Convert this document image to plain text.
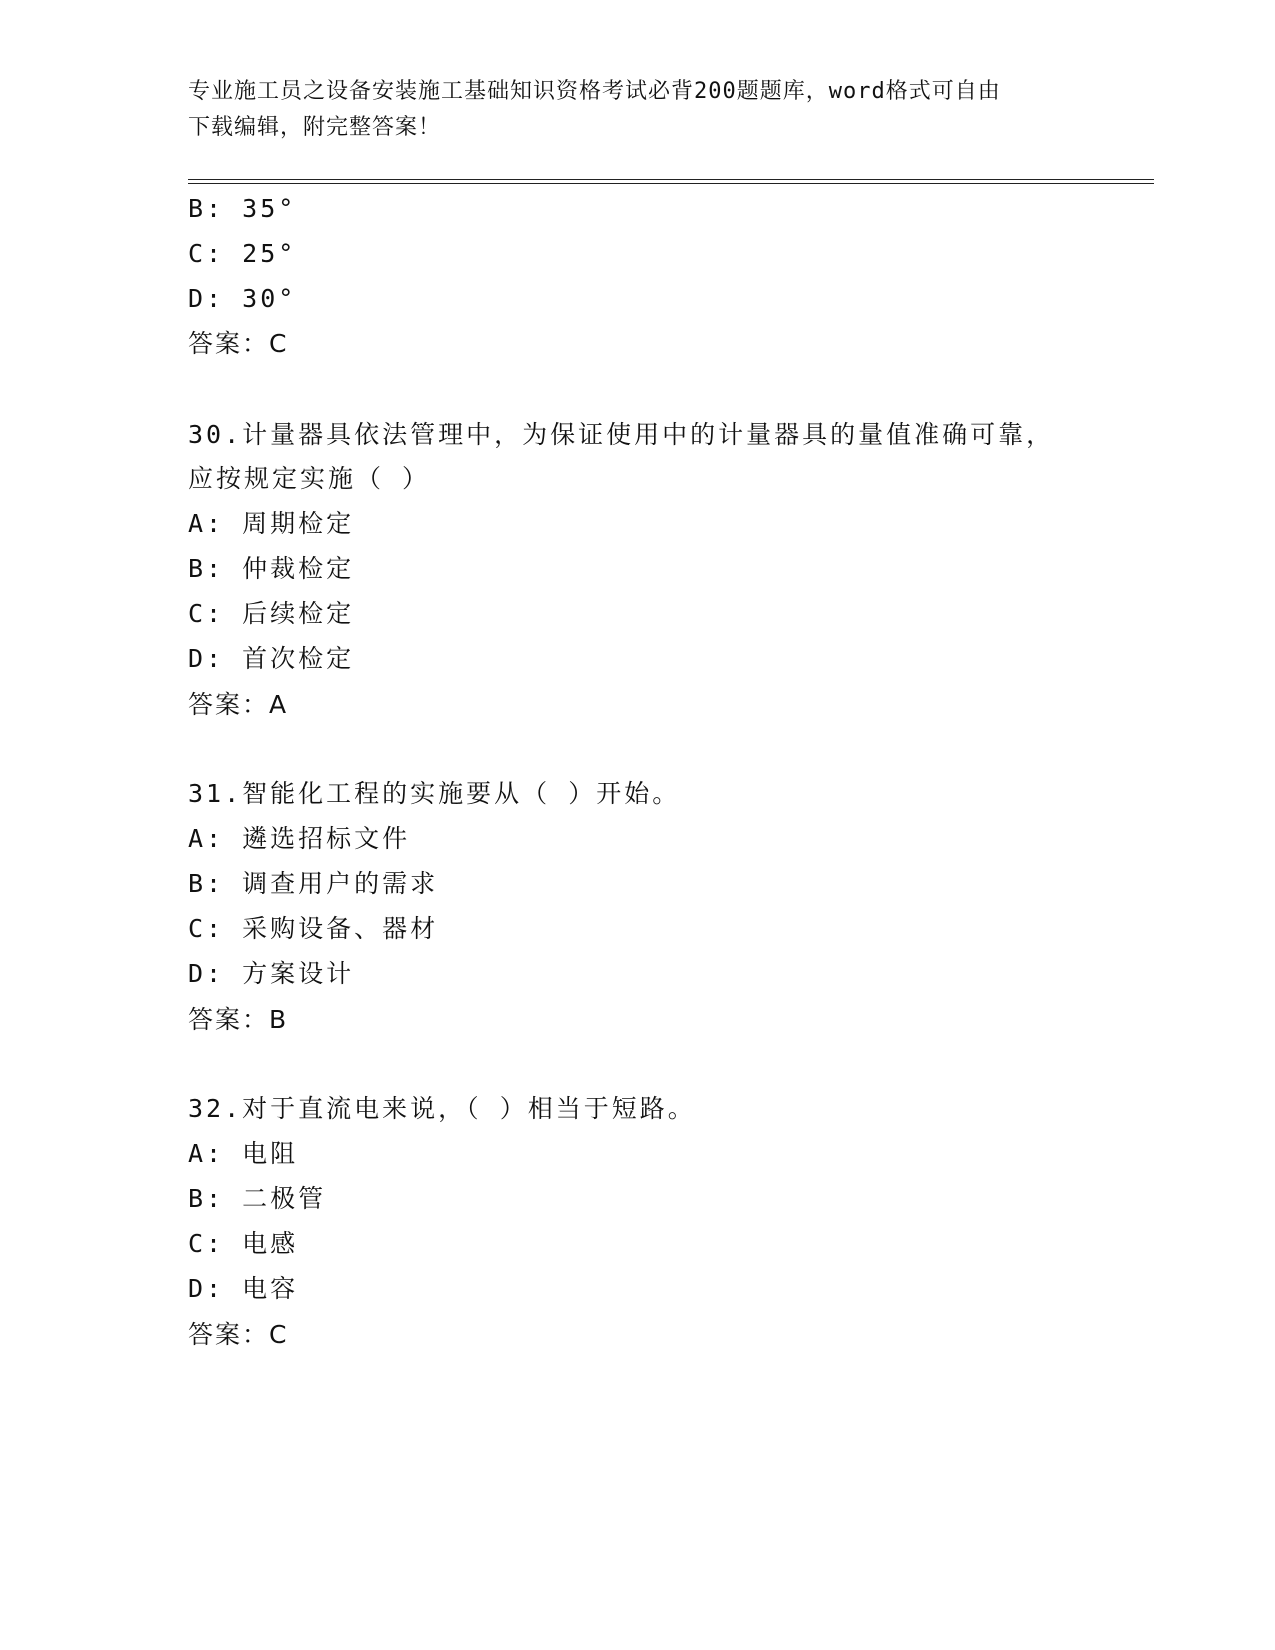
专业施工员之设备安装施工基础知识资格考试必背200题题库，word格式可自由
下载编辑，附完整答案！
B: 35°
C: 25°
D: 30°
答案：C
30.计量器具依法管理中，为保证使用中的计量器具的量值准确可靠，
应按规定实施（ ）
A: 周期检定
B: 仲裁检定
C: 后续检定
D: 首次检定
答案：A
31.智能化工程的实施要从（ ）开始。
A: 遴选招标文件
B: 调查用户的需求
C: 采购设备、器材
D: 方案设计
答案：B
32.对于直流电来说，（ ）相当于短路。
A: 电阻
B: 二极管
C: 电感
D: 电容
答案：C
